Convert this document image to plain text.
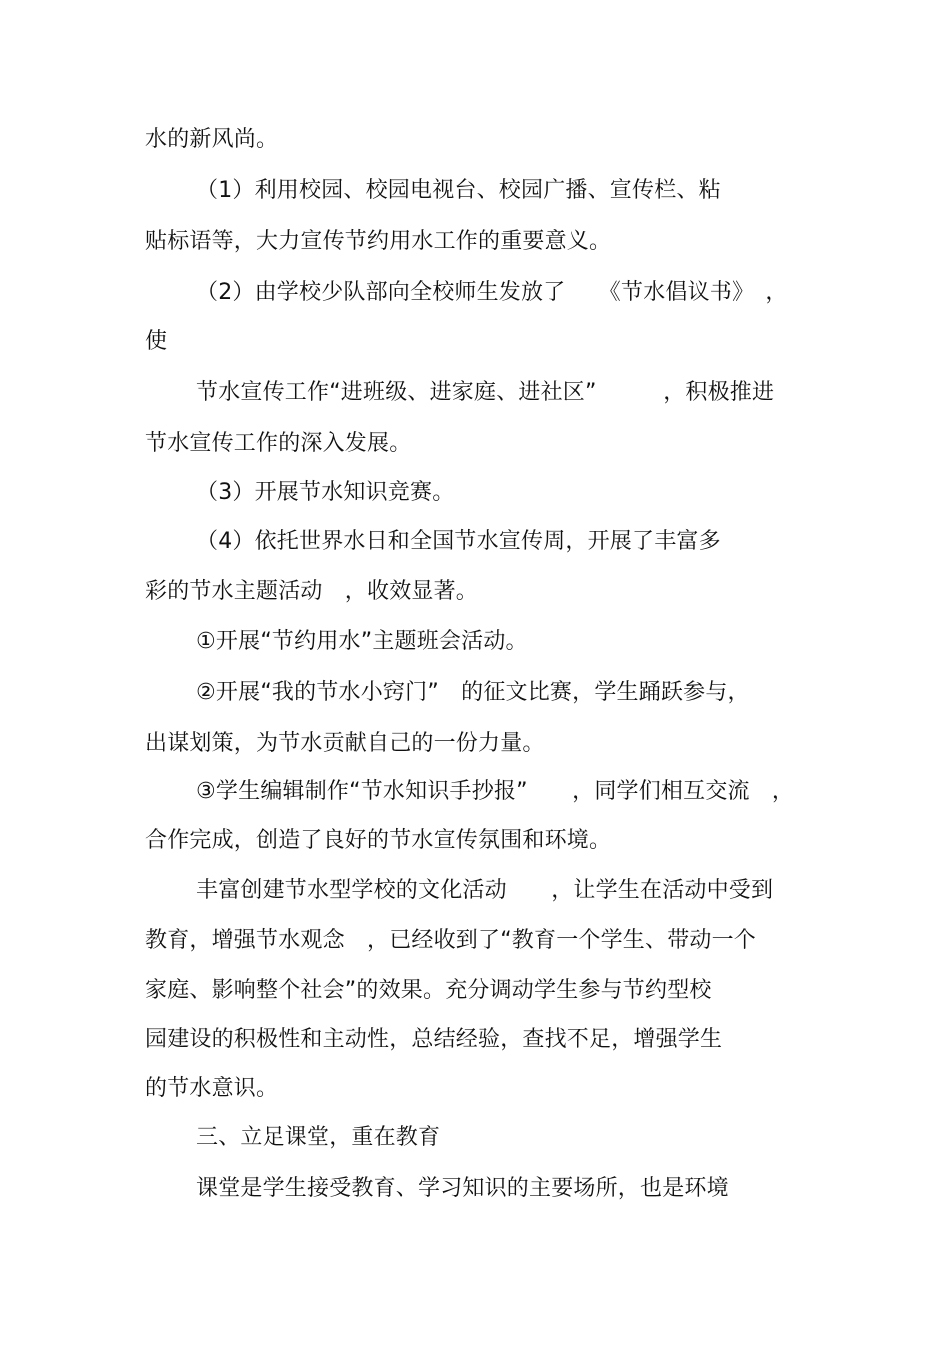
水的新风尚。
（1）利用校园、校园电视台、校园广播、宣传栏、粘
贴标语等，大力宣传节约用水工作的重要意义。
（2）由学校少队部向全校师生发放了　　《节水倡议书》　，
使
节水宣传工作“进班级、进家庭、进社区”　　　，积极推进
节水宣传工作的深入发展。
（3）开展节水知识竞赛。
（4）依托世界水日和全国节水宣传周，开展了丰富多
彩的节水主题活动　，收效显著。
①开展“节约用水”主题班会活动。
②开展“我的节水小窍门”　的征文比赛，学生踊跃参与，
出谋划策，为节水贡献自己的一份力量。
③学生编辑制作“节水知识手抄报”　　，同学们相互交流　，
合作完成，创造了良好的节水宣传氛围和环境。
丰富创建节水型学校的文化活动　　，让学生在活动中受到
教育，增强节水观念　，已经收到了“教育一个学生、带动一个
家庭、影响整个社会”的效果。充分调动学生参与节约型校
园建设的积极性和主动性，总结经验，查找不足，增强学生
的节水意识。
三、立足课堂，重在教育
课堂是学生接受教育、学习知识的主要场所，也是环境
